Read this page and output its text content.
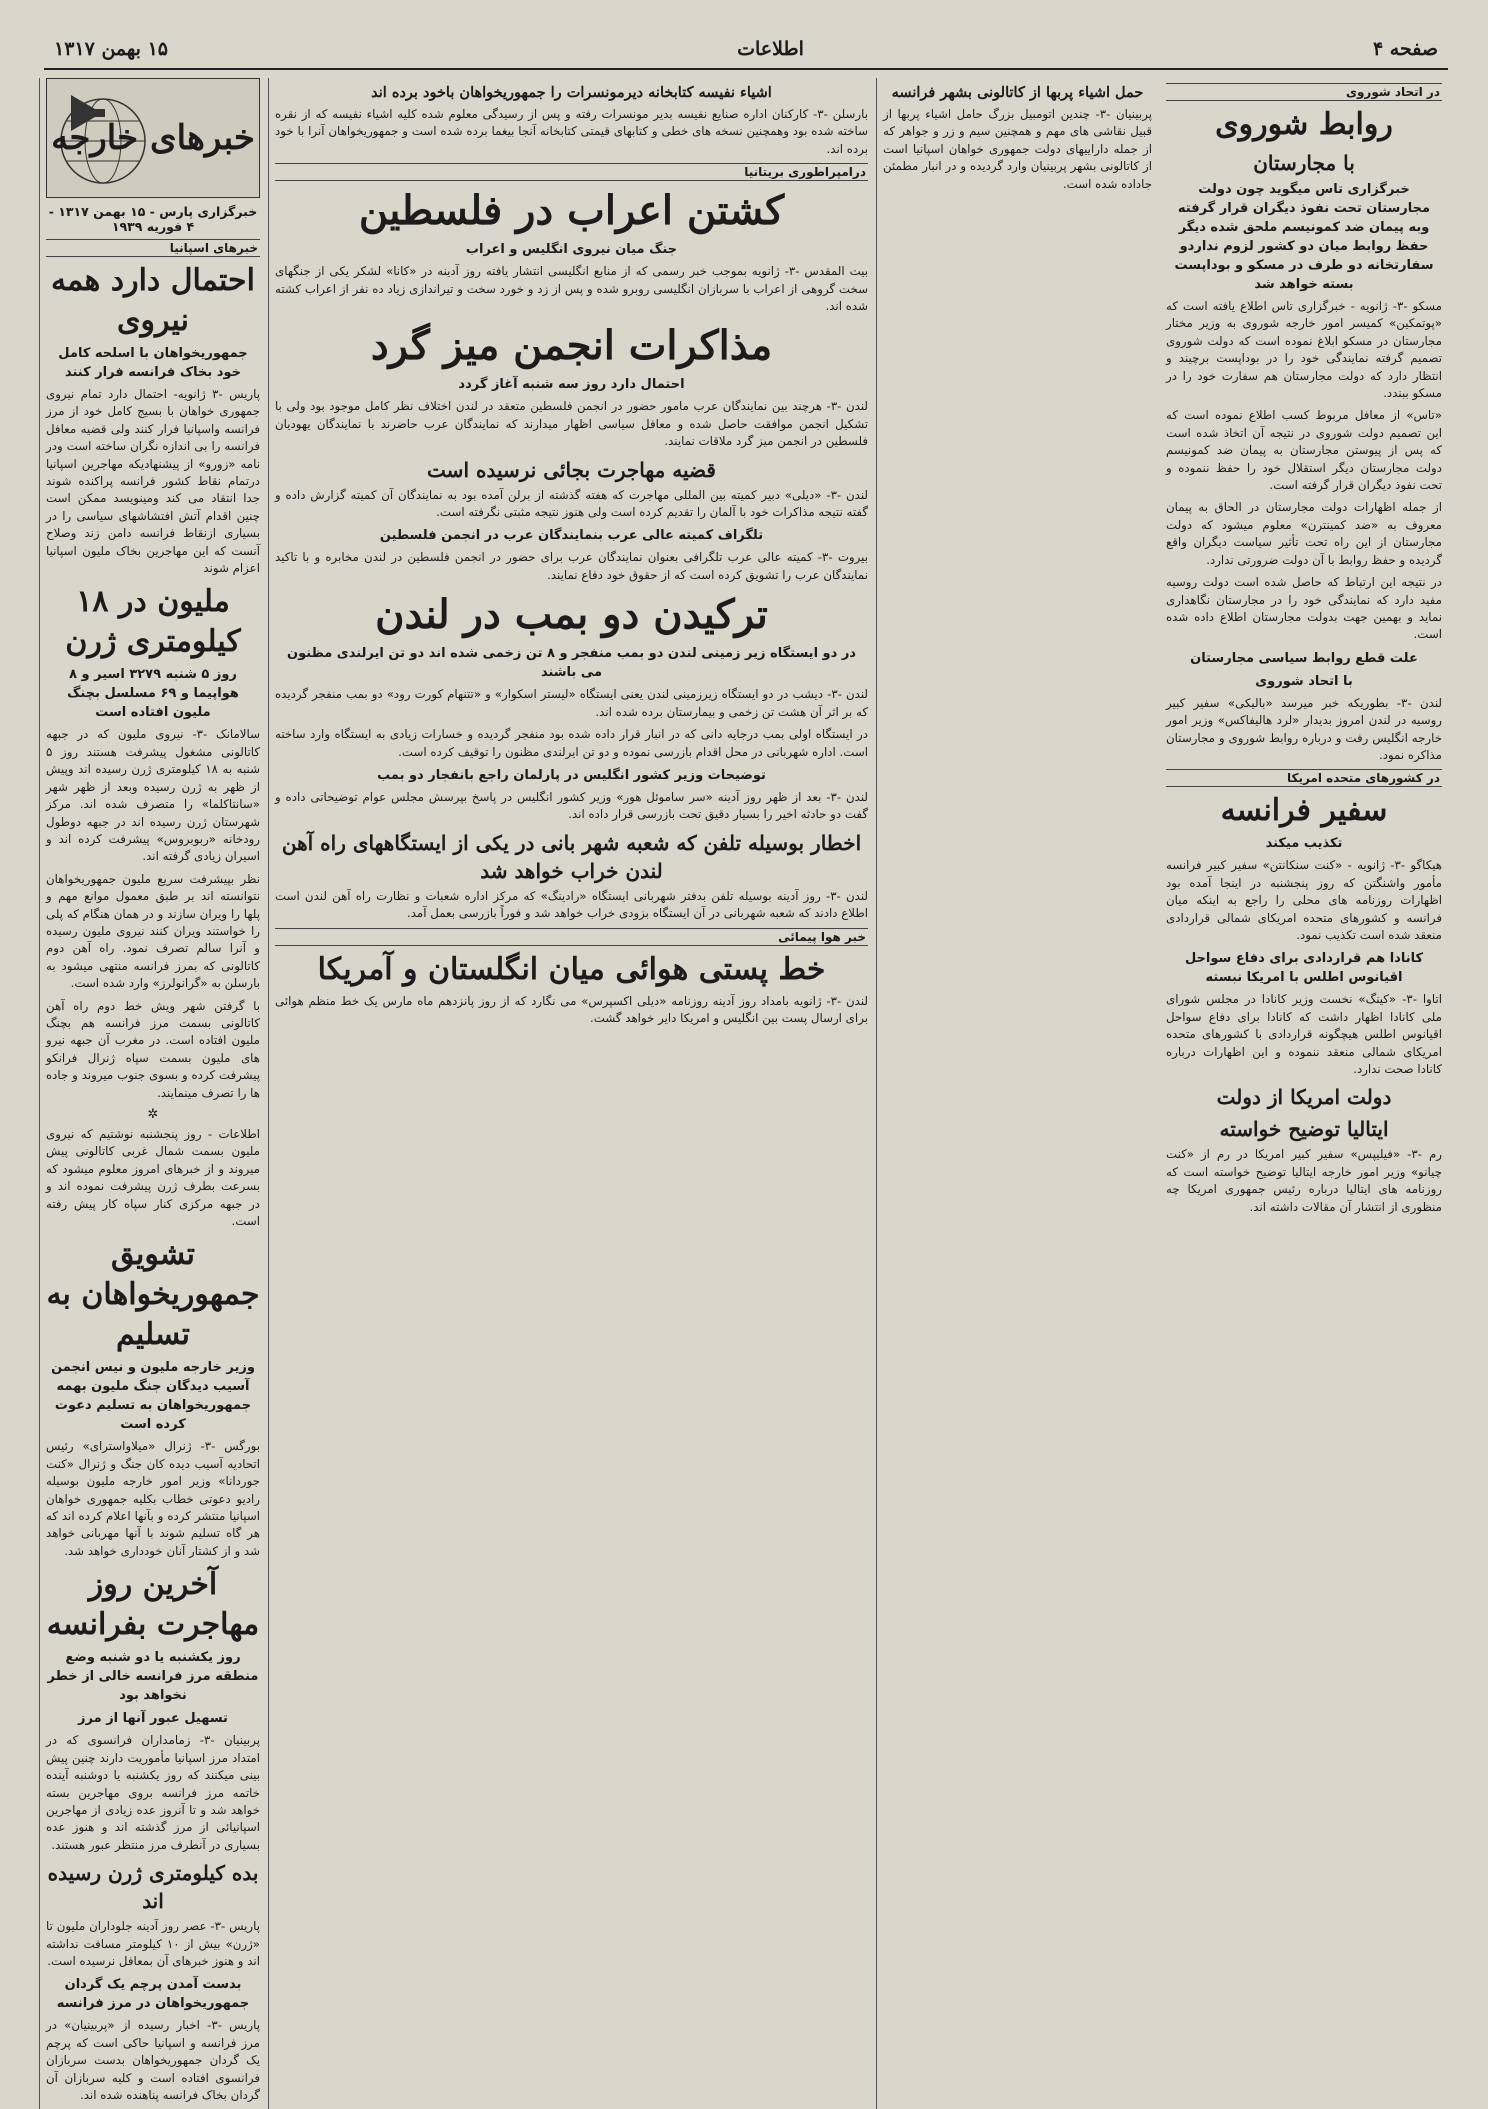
صفحه ۴
اطلاعات
۱۵ بهمن ۱۳۱۷
خبرهای خارجه
خبرگزاری پارس - ۱۵ بهمن ۱۳۱۷ - ۴ فوریه ۱۹۳۹
خبرهای اسپانیا
احتمال دارد همه نیروی
جمهوریخواهان با اسلحه کامل خود بخاک فرانسه فرار کنند

پاریس -۳ ژانویه- احتمال دارد تمام نیروی جمهوری خواهان با بسیج کامل خود از مرز فرانسه واسپانیا فرار کنند ولی قضیه معافل فرانسه را بی اندازه نگران ساخته است ودر نامه «زورو» از پیشنهادیکه مهاجرین اسپانیا درتمام نقاط کشور فرانسه پراکنده شوند جدا انتقاد می کند ومینویسد ممکن است چنین اقدام آتش افتشاشهای سیاسی را در بسیاری ازنقاط فرانسه دامن زند وصلاح آنست که این مهاجرین بخاک ملیون اسپانیا اعزام شوند

ملیون در ۱۸ کیلومتری ژرن
روز ۵ شنبه ۳۲۷۹ اسیر و ۸ هواپیما و ۶۹ مسلسل بچنگ ملیون افتاده است

سالامانک -۳- نیروی ملیون که در جبهه کاتالونی مشغول پیشرفت هستند روز ۵ شنبه به ۱۸ کیلومتری ژرن رسیده اند وپیش از ظهر به ژرن رسیده وبعد از ظهر شهر «سانتاکلما» را متصرف شده اند. مرکز شهرستان ژرن رسیده اند در جبهه دوطول رودخانه «ربوبروس» پیشرفت کرده اند و اسیران زیادی گرفته اند.

نظر بپیشرفت سریع ملیون جمهوریخواهان نتوانسته اند بر طبق معمول موانع مهم و پلها را ویران سازند و در همان هنگام که پلی را خواستند ویران کنند نیروی ملیون رسیده و آنرا سالم تصرف نمود. راه آهن دوم کاتالونی که بمرز فرانسه منتهی میشود به بارسلن به «گرانولرز» وارد شده است.

با گرفتن شهر ویش خط دوم راه آهن کاتالونی بسمت مرز فرانسه هم بچنگ ملیون افتاده است. در مغرب آن جبهه نیرو های ملیون بسمت سپاه ژنرال فرانکو پیشرفت کرده و بسوی جنوب میروند و جاده ها را تصرف مینمایند.

✲

اطلاعات - روز پنجشنبه نوشتیم که نیروی ملیون بسمت شمال غربی کاتالونی پیش میروند و از خبرهای امروز معلوم میشود که بسرعت بطرف ژرن پیشرفت نموده اند و در جبهه مرکزی کنار سپاه کار پیش رفته است.

تشویق جمهوریخواهان به تسلیم
وزیر خارجه ملیون و نیس انجمن آسیب دیدگان جنگ ملیون بهمه جمهوریخواهان به تسلیم دعوت کرده است

بورگس -۳- ژنرال «میلاواسترای» رئیس اتحادیه آسیب دیده کان جنگ و ژنرال «کنت جوردانا» وزیر امور خارجه ملیون بوسیله رادیو دعوتی خطاب بکلیه جمهوری خواهان اسپانیا منتشر کرده و بآنها اعلام کرده اند که هر گاه تسلیم شوند با آنها مهربانی خواهد شد و از کشتار آنان خودداری خواهد شد.

آخرین روز مهاجرت بفرانسه
روز یکشنبه یا دو شنبه وضع منطقه مرز فرانسه خالی از خطر نخواهد بود
تسهیل عبور آنها از مرز

پربینیان -۳- زمامداران فرانسوی که در امتداد مرز اسپانیا مأموریت دارند چنین پیش بینی میکنند که روز یکشنبه یا دوشنبه آینده خاتمه مرز فرانسه بروی مهاجرین بسته خواهد شد و تا آنروز عده زیادی از مهاجرین اسپانیائی از مرز گذشته اند و هنوز عده بسیاری در آنطرف مرز منتظر عبور هستند.

بده کیلومتری ژرن رسیده اند

پاریس -۳- عصر روز آدینه جلوداران ملیون تا «ژرن» بیش از ۱۰ کیلومتر مسافت نداشته اند و هنوز خبرهای آن بمعافل نرسیده است.

بدست آمدن پرچم یک گردان جمهوریخواهان در مرز فرانسه

پاریس -۳- اخبار رسیده از «پربینیان» در مرز فرانسه و اسپانیا حاکی است که پرچم یک گردان جمهوریخواهان بدست سربازان فرانسوی افتاده است و کلیه سربازان آن گردان بخاک فرانسه پناهنده شده اند.

اشیاء نفیسه کتابخانه دیرمونسرات را جمهوریخواهان باخود برده اند

بارسلن -۳- کارکنان اداره صنایع نفیسه بدیر مونسرات رفته و پس از رسیدگی معلوم شده کلیه اشیاء نفیسه که از نقره ساخته شده بود وهمچنین نسخه های خطی و کتابهای قیمتی کتابخانه آنجا بیغما برده شده است و جمهوریخواهان آنرا با خود برده اند.

درامپراطوری بریتانیا
کشتن اعراب در فلسطین
جنگ میان نیروی انگلیس و اعراب

بیت المقدس -۳- ژانویه بموجب خبر رسمی که از منابع انگلیسی انتشار یافته روز آدینه در «کانا» لشکر یکی از جنگهای سخت گروهی از اعراب با سربازان انگلیسی روبرو شده و پس از زد و خورد سخت و تیراندازی زیاد ده نفر از اعراب کشته شده اند.

مذاکرات انجمن میز گرد
احتمال دارد روز سه شنبه آغاز گردد

لندن -۳- هرچند بین نمایندگان عرب مامور حضور در انجمن فلسطین متعقد در لندن اختلاف نظر کامل موجود بود ولی با تشکیل انجمن موافقت حاصل شده و معافل سیاسی اظهار میدارند که نمایندگان عرب حاضرند با نمایندگان یهودیان فلسطین در انجمن میز گرد ملاقات نمایند.

قضیه مهاجرت بجائی نرسیده است

لندن -۳- «دیلی» دبیر کمیته بین المللی مهاجرت که هفته گذشته از برلن آمده بود به نمایندگان آن کمیته گزارش داده و گفته نتیجه مذاکرات خود با آلمان را تقدیم کرده است ولی هنوز نتیجه مثبتی نگرفته است.

تلگراف کمیته عالی عرب بنمایندگان عرب در انجمن فلسطین

بیروت -۳- کمیته عالی عرب تلگرافی بعنوان نمایندگان عرب برای حضور در انجمن فلسطین در لندن مخابره و با تاکید نمایندگان عرب را تشویق کرده است که از حقوق خود دفاع نمایند.

ترکیدن دو بمب در لندن
در دو ایستگاه زیر زمینی لندن دو بمب منفجر و ۸ تن زخمی شده اند دو تن ایرلندی مظنون می باشند

لندن -۳- دیشب در دو ایستگاه زیرزمینی لندن یعنی ایستگاه «لیستر اسکوار» و «تتنهام کورت رود» دو بمب منفجر گردیده که بر اثر آن هشت تن زخمی و بیمارستان برده شده اند.

در ایستگاه اولی بمب درجایه دانی که در انبار قرار داده شده بود منفجر گردیده و خسارات زیادی به ایستگاه وارد ساخته است. اداره شهربانی در محل اقدام بازرسی نموده و دو تن ایرلندی مظنون را توقیف کرده است.

توضیحات وزیر کشور انگلیس در پارلمان راجع بانفجار دو بمب

لندن -۳- بعد از ظهر روز آدینه «سر ساموئل هور» وزیر کشور انگلیس در پاسخ بپرسش مجلس عوام توضیحاتی داده و گفت دو حادثه اخیر را بسیار دقیق تحت بازرسی قرار داده اند.

اخطار بوسیله تلفن که شعبه شهر بانی در یکی از ایستگاههای راه آهن لندن خراب خواهد شد

لندن -۳- روز آدینه بوسیله تلفن بدفتر شهربانی ایستگاه «رادینگ» که مرکز اداره شعبات و نظارت راه آهن لندن است اطلاع دادند که شعبه شهربانی در آن ایستگاه بزودی خراب خواهد شد و فوراً بازرسی بعمل آمد.

خبر هوا پیمائی
خط پستی هوائی میان انگلستان و آمریکا

لندن -۳- ژانویه بامداد روز آدینه روزنامه «دیلی اکسپرس» می نگارد که از روز پانزدهم ماه مارس یک خط منظم هوائی برای ارسال پست بین انگلیس و امریکا دایر خواهد گشت.

حمل اشیاء پربها از کاتالونی بشهر فرانسه

پربینیان -۳- چندین اتومبیل بزرگ حامل اشیاء پربها از قبیل نقاشی های مهم و همچنین سیم و زر و جواهر که از جمله داراییهای دولت جمهوری خواهان اسپانیا است از کاتالونی بشهر پربینیان وارد گردیده و در انبار مطمئن جاداده شده است.

در اتحاد شوروی
روابط شوروی
با مجارستان
خبرگزاری تاس میگوید چون دولت مجارستان تحت نفوذ دیگران قرار گرفته وبه پیمان ضد کمونیسم ملحق شده دیگر حفظ روابط میان دو کشور لزوم نداردو سفارتخانه دو طرف در مسکو و بوداپست بسته خواهد شد

مسکو -۳- ژانویه - خبرگزاری تاس اطلاع یافته است که «پوتمکین» کمیسر امور خارجه شوروی به وزیر مختار مجارستان در مسکو ابلاغ نموده است که دولت شوروی تصمیم گرفته نمایندگی خود را در بوداپست برچیند و انتظار دارد که دولت مجارستان هم سفارت خود را در مسکو ببندد.

«تاس» از معافل مربوط کسب اطلاع نموده است که این تصمیم دولت شوروی در نتیجه آن اتخاذ شده است که پس از پیوستن مجارستان به پیمان ضد کمونیسم دولت مجارستان دیگر استقلال خود را حفظ ننموده و تحت نفوذ دیگران قرار گرفته است.

از جمله اظهارات دولت مجارستان در الحاق به پیمان معروف به «ضد کمینترن» معلوم میشود که دولت مجارستان از این راه تحت تأثیر سیاست دیگران واقع گردیده و حفظ روابط با آن دولت ضرورتی ندارد.

در نتیجه این ارتباط که حاصل شده است دولت روسیه مفید دارد که نمایندگی خود را در مجارستان نگاهداری نماید و بهمین جهت بدولت مجارستان اطلاع داده شده است.

علت قطع روابط سیاسی مجارستان
با اتحاد شوروی

لندن -۳- بطوریکه خبر میرسد «بالیکی» سفیر کبیر روسیه در لندن امروز بدیدار «لرد هالیفاکس» وزیر امور خارجه انگلیس رفت و درباره روابط شوروی و مجارستان مذاکره نمود.

در کشورهای متحده امریکا
سفیر فرانسه
تکذیب میکند

هیکاگو -۳- ژانویه - «کنت سنکانتن» سفیر کبیر فرانسه مأمور واشنگتن که روز پنجشنبه در اینجا آمده بود اظهارات روزنامه های محلی را راجع به اینکه میان فرانسه و کشورهای متحده امریکای شمالی قراردادی منعقد شده است تکذیب نمود.

کانادا هم قراردادی برای دفاع سواحل اقیانوس اطلس با امریکا نبسته

اتاوا -۳- «کینگ» نخست وزیر کانادا در مجلس شورای ملی کانادا اظهار داشت که کانادا برای دفاع سواحل اقیانوس اطلس هیچگونه قراردادی با کشورهای متحده امریکای شمالی منعقد ننموده و این اظهارات درباره کانادا صحت ندارد.

دولت امریکا از دولت
ایتالیا توضیح خواسته

رم -۳- «فیلیپس» سفیر کبیر امریکا در رم از «کنت چیانو» وزیر امور خارجه ایتالیا توضیح خواسته است که روزنامه های ایتالیا درباره رئیس جمهوری امریکا چه منظوری از انتشار آن مقالات داشته اند.
